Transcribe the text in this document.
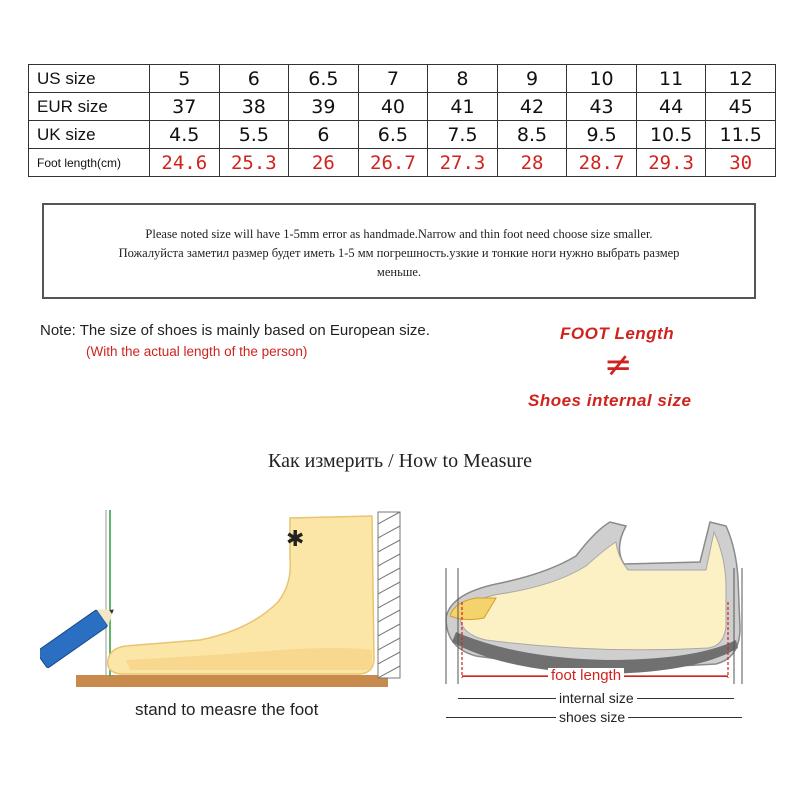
US size	5	6	6.5	7	8	9	10	11	12
EUR size	37	38	39	40	41	42	43	44	45
UK size	4.5	5.5	6	6.5	7.5	8.5	9.5	10.5	11.5
Foot length(cm)	24.6	25.3	26	26.7	27.3	28	28.7	29.3	30
Please noted size will have 1-5mm error as handmade.Narrow and thin foot need choose size smaller.
Пожалуйста заметил размер будет иметь 1-5 мм погрешность.узкие и тонкие ноги нужно выбрать размер
меньше.
Note: The size of shoes is mainly based on European size.
(With the actual length of the person)
FOOT Length
≠
Shoes internal size
Как измерить / How to Measure
✱
stand to measre the foot
foot length
internal size
shoes size
